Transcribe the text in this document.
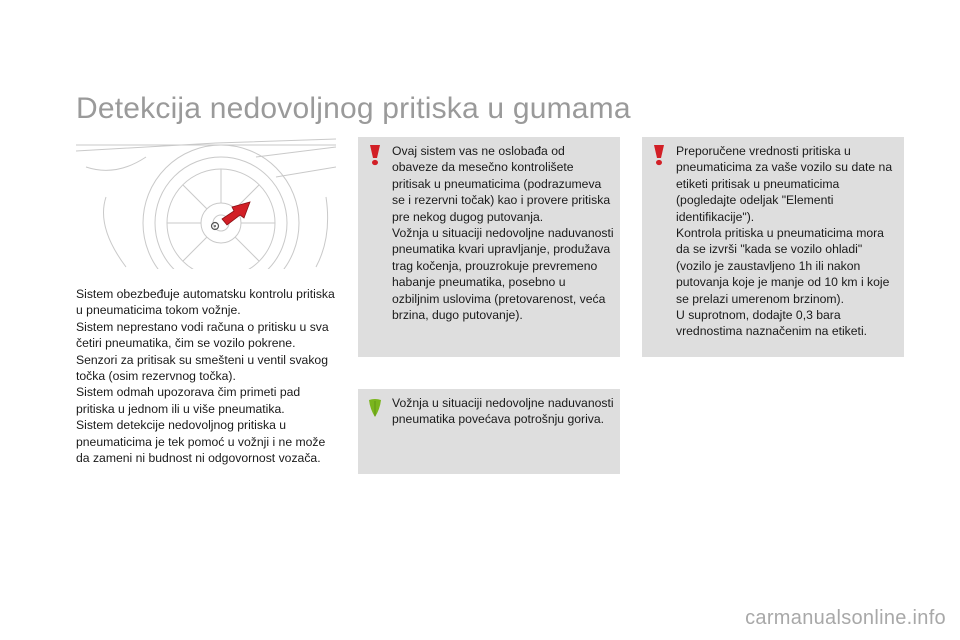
Detekcija nedovoljnog pritiska u gumama

Sistem obezbeđuje automatsku kontrolu pritiska u pneumaticima tokom vožnje.

Sistem neprestano vodi računa o pritisku u sva četiri pneumatika, čim se vozilo pokrene.

Senzori za pritisak su smešteni u ventil svakog točka (osim rezervnog točka).

Sistem odmah upozorava čim primeti pad pritiska u jednom ili u više pneumatika.

Sistem detekcije nedovoljnog pritiska u pneumaticima je tek pomoć u vožnji i ne može da zameni ni budnost ni odgovornost vozača.

Ovaj sistem vas ne oslobađa od obaveze da mesečno kontrolišete pritisak u pneumaticima (podrazumeva se i rezervni točak) kao i provere pritiska pre nekog dugog putovanja.

Vožnja u situaciji nedovoljne naduvanosti pneumatika kvari upravljanje, produžava trag kočenja, prouzrokuje prevremeno habanje pneumatika, posebno u ozbiljnim uslovima (pretovarenost, veća brzina, dugo putovanje).

Preporučene vrednosti pritiska u pneumaticima za vaše vozilo su date na etiketi pritisak u pneumaticima (pogledajte odeljak "Elementi identifikacije").

Kontrola pritiska u pneumaticima mora da se izvrši "kada se vozilo ohladi" (vozilo je zaustavljeno 1h ili nakon putovanja koje je manje od 10 km i koje se prelazi umerenom brzinom).

U suprotnom, dodajte 0,3 bara vrednostima naznačenim na etiketi.

Vožnja u situaciji nedovoljne naduvanosti pneumatika povećava potrošnju goriva.

carmanualsonline.info
